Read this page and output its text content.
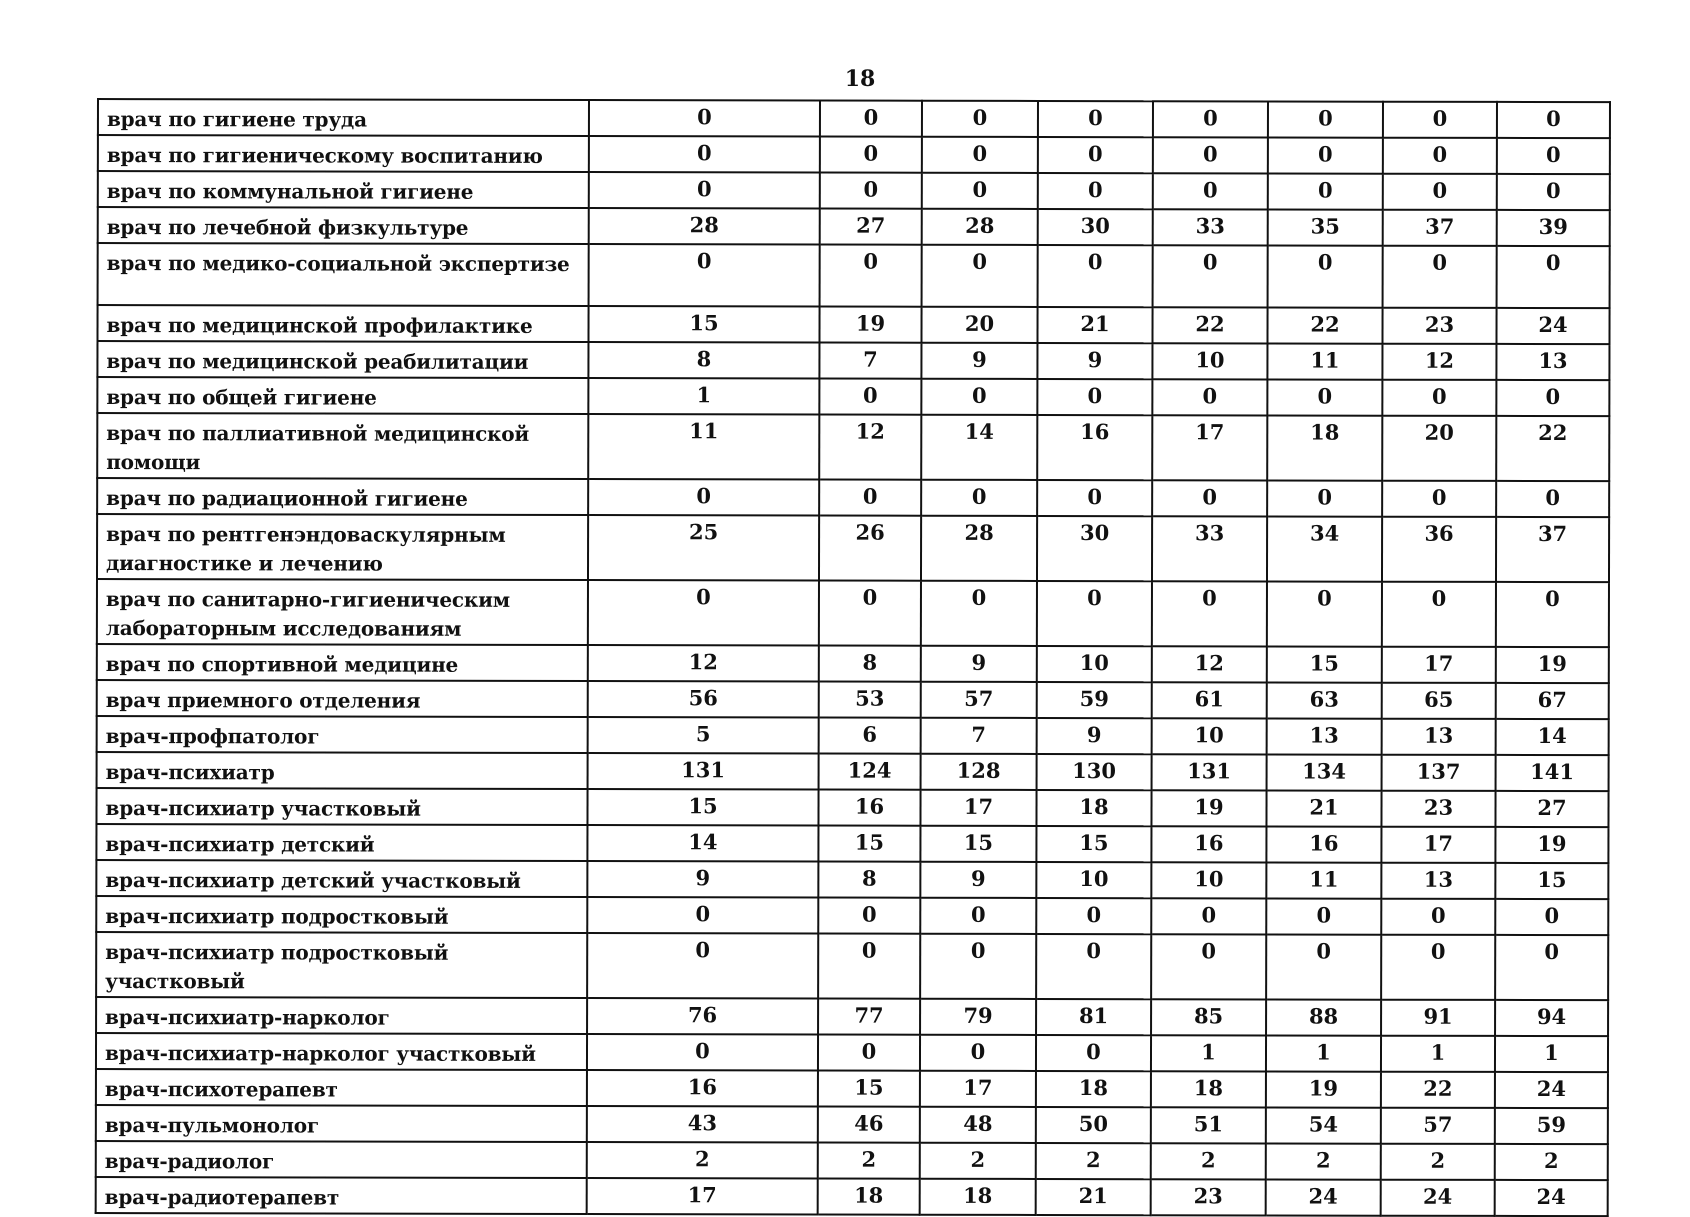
18
врач по гигиене труда	0	0	0	0	0	0	0	0
врач по гигиеническому воспитанию	0	0	0	0	0	0	0	0
врач по коммунальной гигиене	0	0	0	0	0	0	0	0
врач по лечебной физкультуре	28	27	28	30	33	35	37	39
врач по медико-социальной экспертизе	0	0	0	0	0	0	0	0
врач по медицинской профилактике	15	19	20	21	22	22	23	24
врач по медицинской реабилитации	8	7	9	9	10	11	12	13
врач по общей гигиене	1	0	0	0	0	0	0	0
врач по паллиативной медицинской помощи	11	12	14	16	17	18	20	22
врач по радиационной гигиене	0	0	0	0	0	0	0	0
врач по рентгенэндоваскулярным диагностике и лечению	25	26	28	30	33	34	36	37
врач по санитарно-гигиеническим лабораторным исследованиям	0	0	0	0	0	0	0	0
врач по спортивной медицине	12	8	9	10	12	15	17	19
врач приемного отделения	56	53	57	59	61	63	65	67
врач-профпатолог	5	6	7	9	10	13	13	14
врач-психиатр	131	124	128	130	131	134	137	141
врач-психиатр участковый	15	16	17	18	19	21	23	27
врач-психиатр детский	14	15	15	15	16	16	17	19
врач-психиатр детский участковый	9	8	9	10	10	11	13	15
врач-психиатр подростковый	0	0	0	0	0	0	0	0
врач-психиатр подростковый участковый	0	0	0	0	0	0	0	0
врач-психиатр-нарколог	76	77	79	81	85	88	91	94
врач-психиатр-нарколог участковый	0	0	0	0	1	1	1	1
врач-психотерапевт	16	15	17	18	18	19	22	24
врач-пульмонолог	43	46	48	50	51	54	57	59
врач-радиолог	2	2	2	2	2	2	2	2
врач-радиотерапевт	17	18	18	21	23	24	24	24
